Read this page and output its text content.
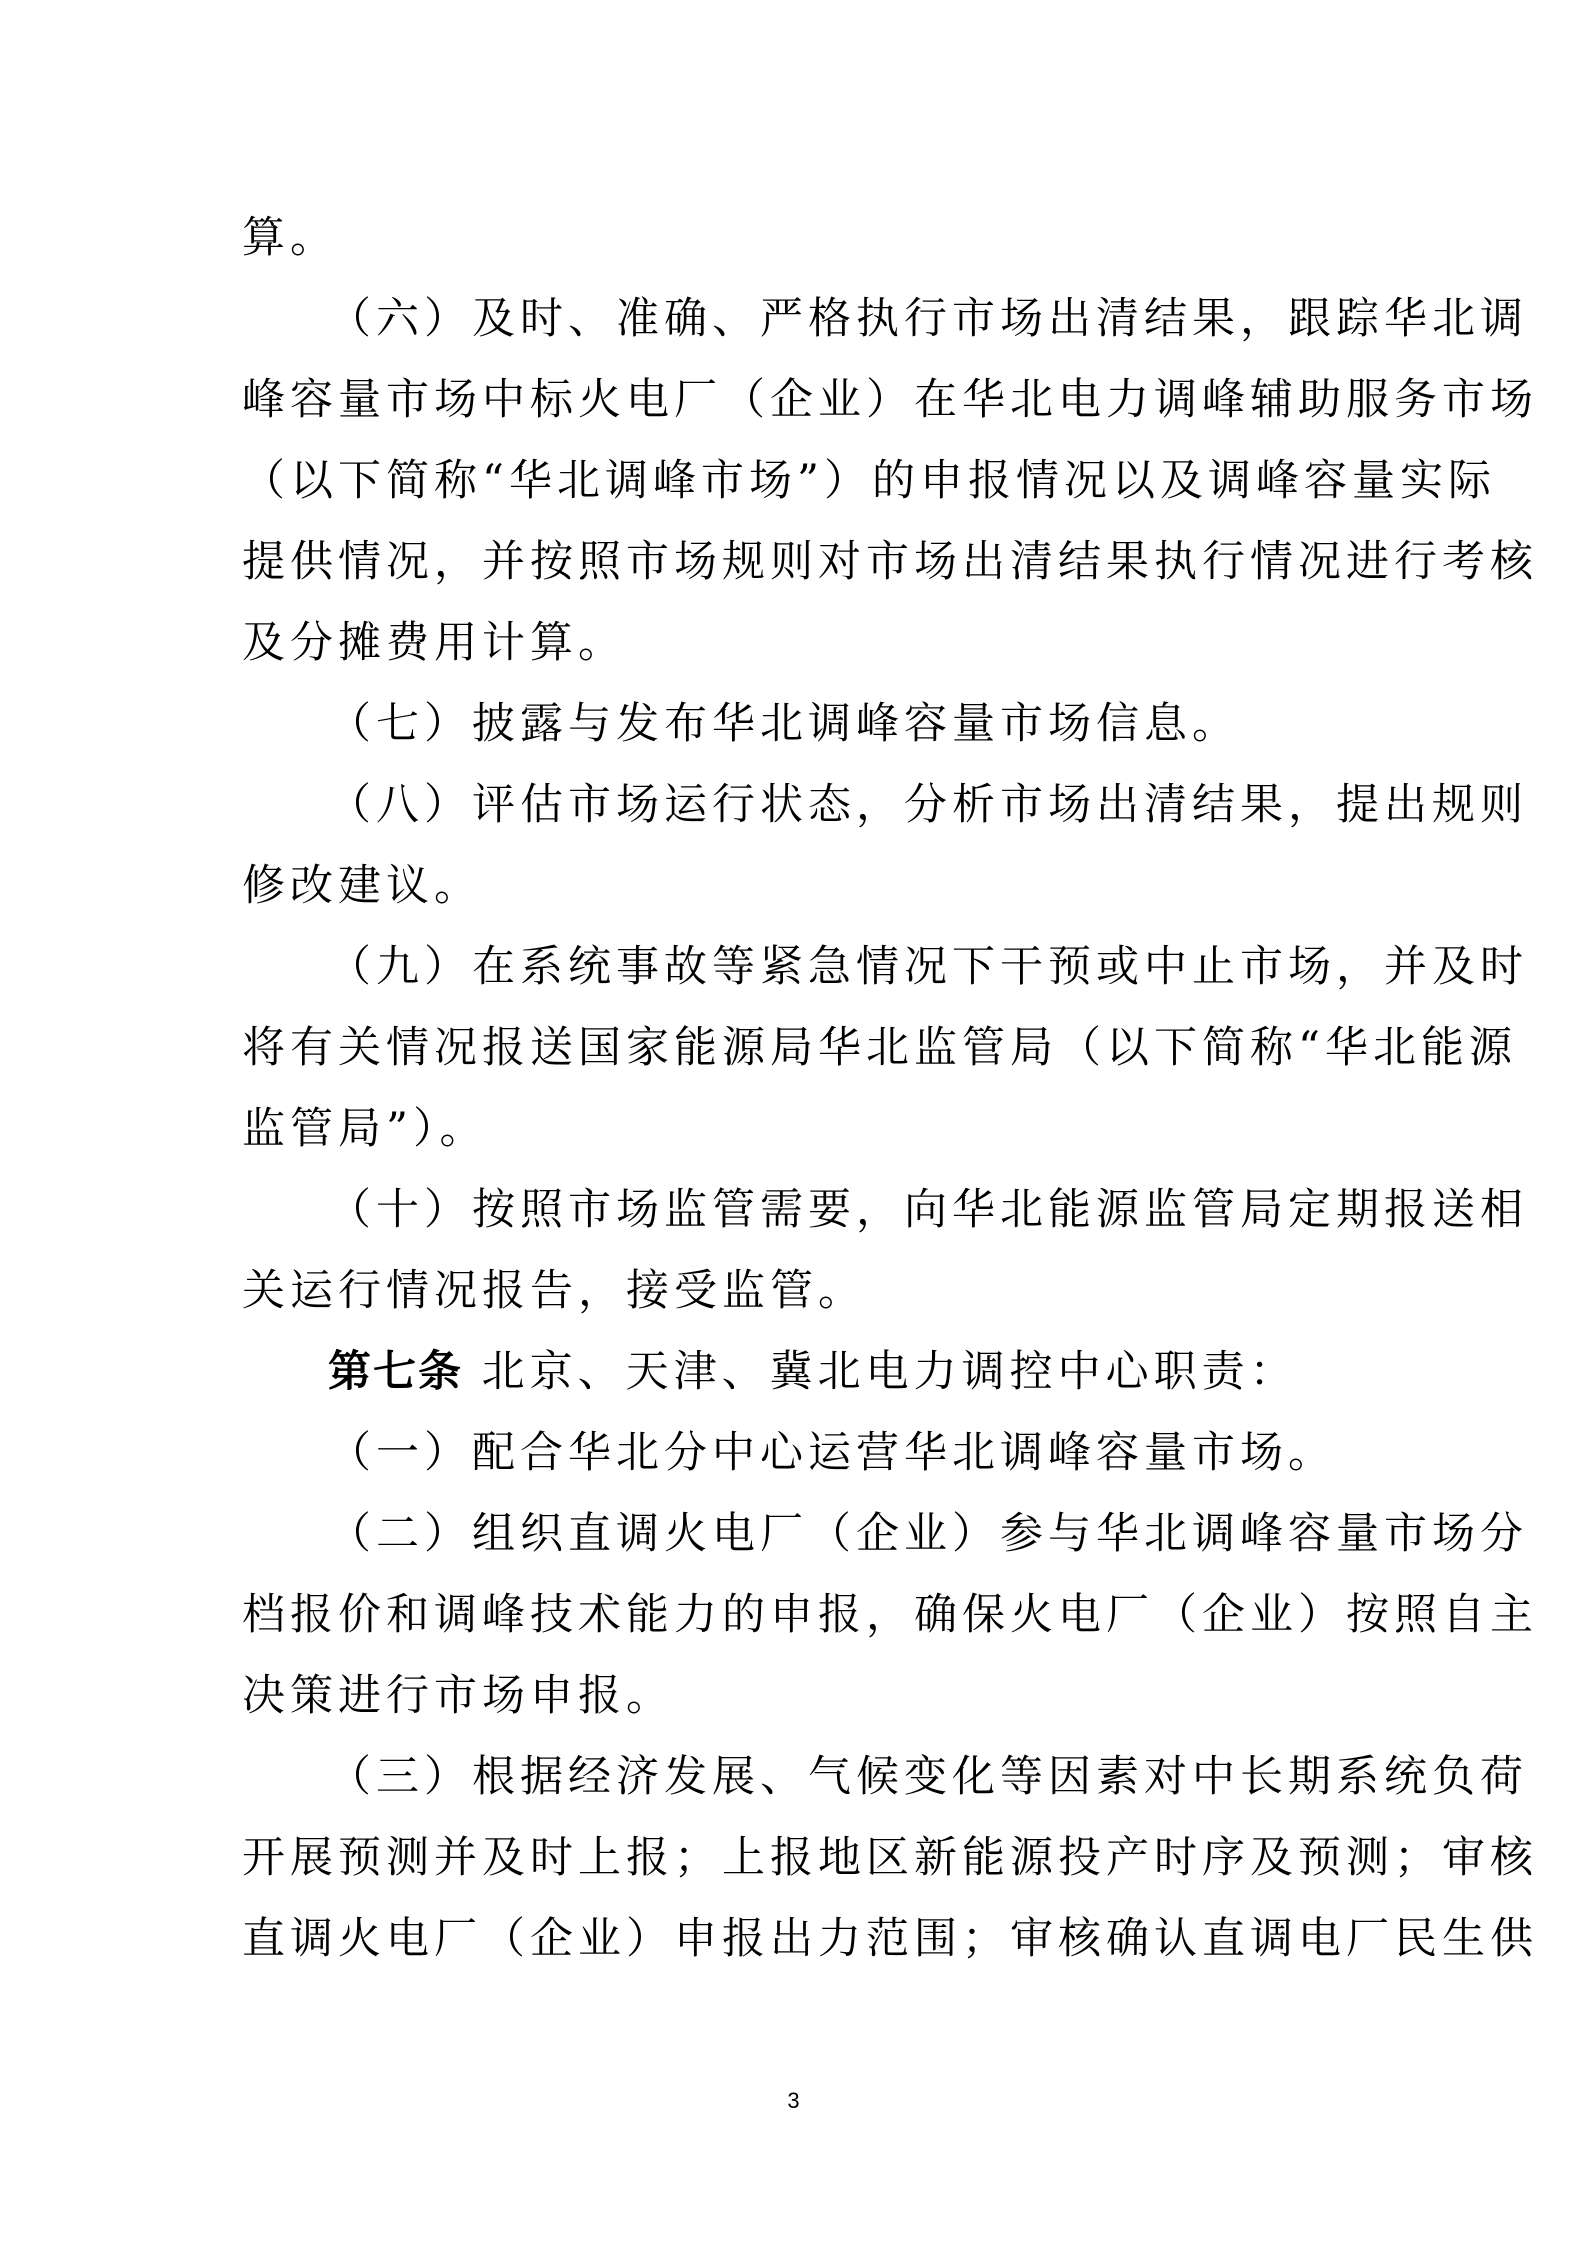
算。
（六）及时、准确、严格执行市场出清结果，跟踪华北调
峰容量市场中标火电厂（企业）在华北电力调峰辅助服务市场
（以下简称“华北调峰市场”）的申报情况以及调峰容量实际
提供情况，并按照市场规则对市场出清结果执行情况进行考核
及分摊费用计算。
（七）披露与发布华北调峰容量市场信息。
（八）评估市场运行状态，分析市场出清结果，提出规则
修改建议。
（九）在系统事故等紧急情况下干预或中止市场，并及时
将有关情况报送国家能源局华北监管局（以下简称“华北能源
监管局”）。
（十）按照市场监管需要，向华北能源监管局定期报送相
关运行情况报告，接受监管。
第七条 北京、天津、冀北电力调控中心职责：
（一）配合华北分中心运营华北调峰容量市场。
（二）组织直调火电厂（企业）参与华北调峰容量市场分
档报价和调峰技术能力的申报，确保火电厂（企业）按照自主
决策进行市场申报。
（三）根据经济发展、气候变化等因素对中长期系统负荷
开展预测并及时上报；上报地区新能源投产时序及预测；审核
直调火电厂（企业）申报出力范围；审核确认直调电厂民生供
3
